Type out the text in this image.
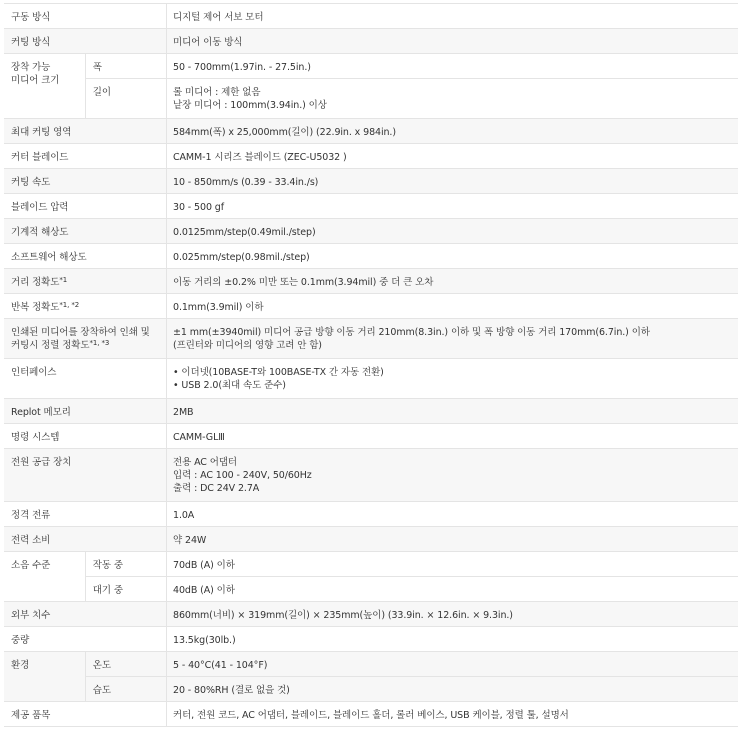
구동 방식		디지털 제어 서보 모터

커팅 방식		미디어 이동 방식

장착 가능
미디어 크기	폭	50 - 700mm(1.97in. - 27.5in.)

	길이	롤 미디어 : 제한 없음
낱장 미디어 : 100mm(3.94in.) 이상

최대 커팅 영역		584mm(폭) x 25,000mm(길이) (22.9in. x 984in.)

커터 블레이드		CAMM-1 시리즈 블레이드 (ZEC-U5032 )

커팅 속도		10 - 850mm/s (0.39 - 33.4in./s)

블레이드 압력		30 - 500 gf

기계적 해상도		0.0125mm/step(0.49mil./step)

소프트웨어 해상도		0.025mm/step(0.98mil./step)

거리 정확도$^{*1}$		이동 거리의 ±0.2% 미만 또는 0.1mm(3.94mil) 중 더 큰 오차

반복 정확도$^{*1, *2}$		0.1mm(3.9mil) 이하

인쇄된 미디어를 장착하여 인쇄 및 커팅시 정렬 정확도$^{*1, *3}$		±1 mm(±3940mil) 미디어 공급 방향 이동 거리 210mm(8.3in.) 이하 및 폭 방향 이동 거리 170mm(6.7in.) 이하
(프린터와 미디어의 영향 고려 안 함)

인터페이스		• 이더넷(10BASE-T와 100BASE-TX 간 자동 전환)
• USB 2.0(최대 속도 준수)

Replot 메모리		2MB

명령 시스템		CAMM-GLⅢ

전원 공급 장치		전용 AC 어댑터
입력 : AC 100 - 240V, 50/60Hz
출력 : DC 24V 2.7A

정격 전류		1.0A

전력 소비		약 24W

소음 수준	작동 중	70dB (A) 이하

	대기 중	40dB (A) 이하

외부 치수		860mm(너비) × 319mm(길이) × 235mm(높이) (33.9in. × 12.6in. × 9.3in.)

중량		13.5kg(30lb.)

환경	온도	5 - 40°C(41 - 104°F)

	습도	20 - 80%RH (결로 없을 것)

제공 품목		커터, 전원 코드, AC 어댑터, 블레이드, 블레이드 홀더, 롤러 베이스, USB 케이블, 정렬 툴, 설명서
